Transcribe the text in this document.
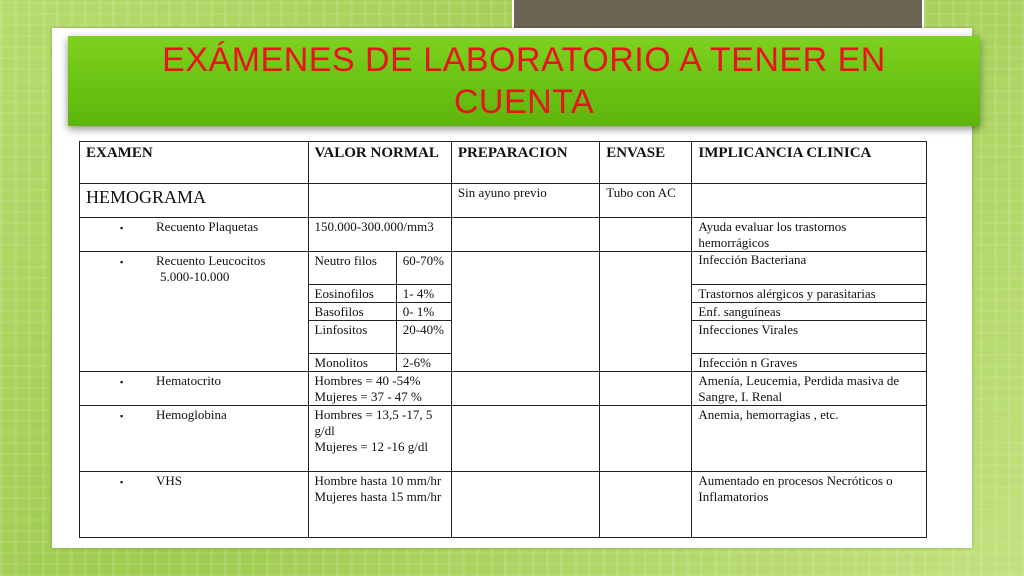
EXÁMENES DE LABORATORIO A TENER EN CUENTA
EXAMEN	VALOR NORMAL		PREPARACION	ENVASE	IMPLICANCIA CLINICA
HEMOGRAMA			Sin ayuno previo	Tubo con AC	
▪ Recuento Plaquetas	150.000-300.000/mm3				Ayuda evaluar los trastornos hemorrágicos
▪ Recuento Leucocitos
5.000-10.000	Neutro filos	60-70%			Infección Bacteriana
	Eosinofilos	1- 4%			Trastornos alérgicos y parasitarias
	Basofilos	0- 1%			Enf. sanguíneas
	Linfositos	20-40%			Infecciones Virales
	Monolitos	2-6%			Infección n Graves
▪ Hematocrito	Hombres = 40 -54%
Mujeres = 37 - 47 %				Amenía, Leucemia, Perdida masiva de Sangre, I. Renal
▪ Hemoglobina	Hombres = 13,5 -17, 5 g/dl
Mujeres = 12 -16 g/dl				Anemia, hemorragias , etc.
▪ VHS	Hombre hasta 10 mm/hr
Mujeres hasta 15 mm/hr				Aumentado en procesos Necróticos o Inflamatorios
